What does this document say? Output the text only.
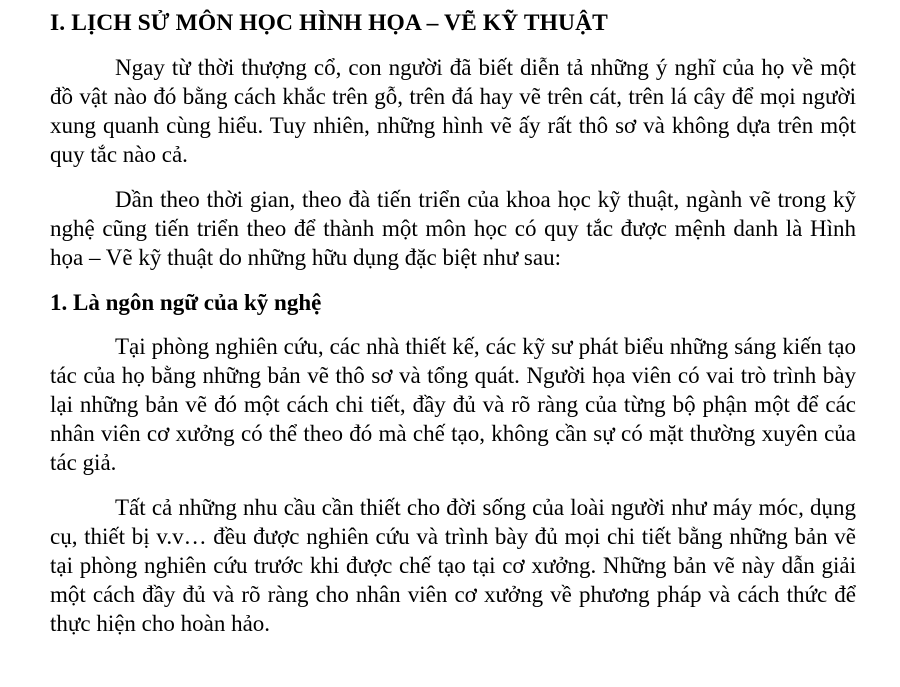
I. LỊCH SỬ MÔN HỌC HÌNH HỌA – VẼ KỸ THUẬT

Ngay từ thời thượng cổ, con người đã biết diễn tả những ý nghĩ của họ về một đồ vật nào đó bằng cách khắc trên gỗ, trên đá hay vẽ trên cát, trên lá cây để mọi người xung quanh cùng hiểu. Tuy nhiên, những hình vẽ ấy rất thô sơ và không dựa trên một quy tắc nào cả.

Dần theo thời gian, theo đà tiến triển của khoa học kỹ thuật, ngành vẽ trong kỹ nghệ cũng tiến triển theo để thành một môn học có quy tắc được mệnh danh là Hình họa – Vẽ kỹ thuật do những hữu dụng đặc biệt như sau:

1. Là ngôn ngữ của kỹ nghệ

Tại phòng nghiên cứu, các nhà thiết kế, các kỹ sư phát biểu những sáng kiến tạo tác của họ bằng những bản vẽ thô sơ và tổng quát. Người họa viên có vai trò trình bày lại những bản vẽ đó một cách chi tiết, đầy đủ và rõ ràng của từng bộ phận một để các nhân viên cơ xưởng có thể theo đó mà chế tạo, không cần sự có mặt thường xuyên của tác giả.

Tất cả những nhu cầu cần thiết cho đời sống của loài người như máy móc, dụng cụ, thiết bị v.v… đều được nghiên cứu và trình bày đủ mọi chi tiết bằng những bản vẽ tại phòng nghiên cứu trước khi được chế tạo tại cơ xưởng. Những bản vẽ này dẫn giải một cách đầy đủ và rõ ràng cho nhân viên cơ xưởng về phương pháp và cách thức để thực hiện cho hoàn hảo.
